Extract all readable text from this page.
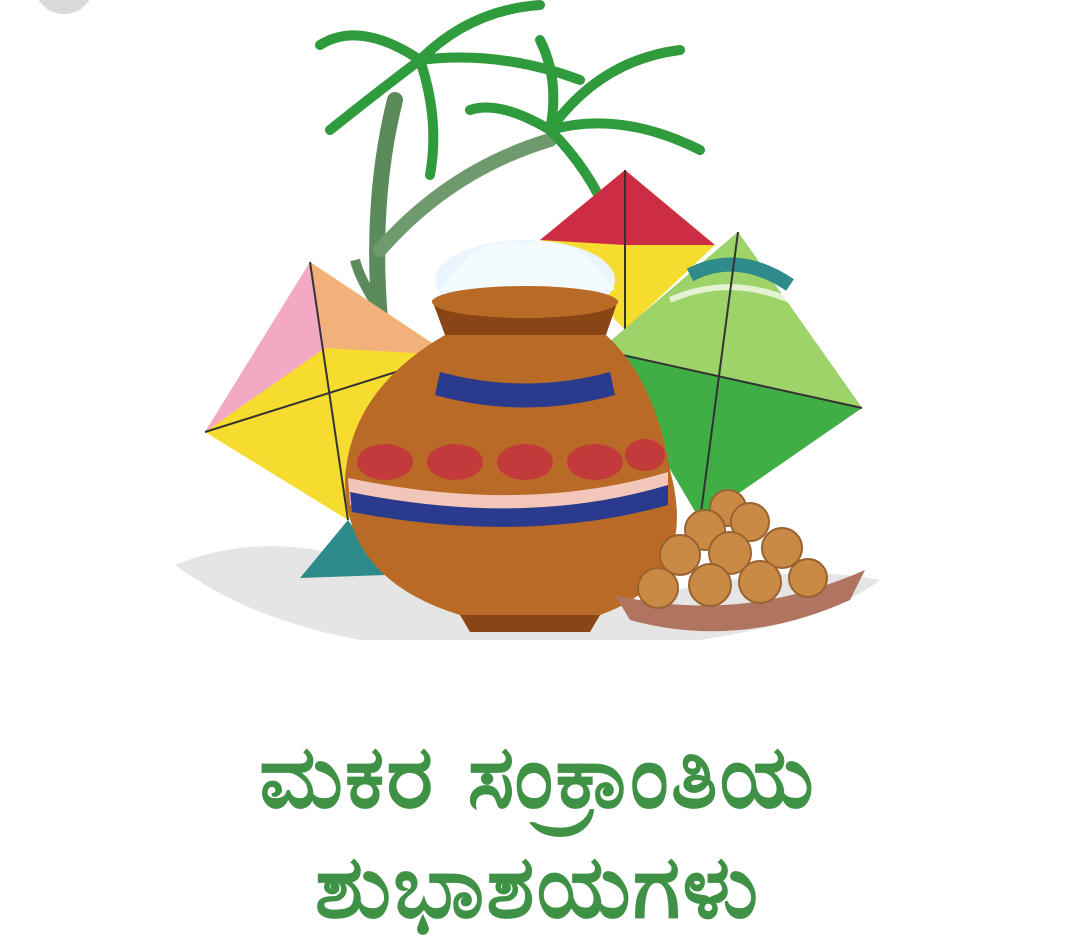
ಮಕರ ಸಂಕ್ರಾಂತಿಯ
ಶುಭಾಶಯಗಳು
